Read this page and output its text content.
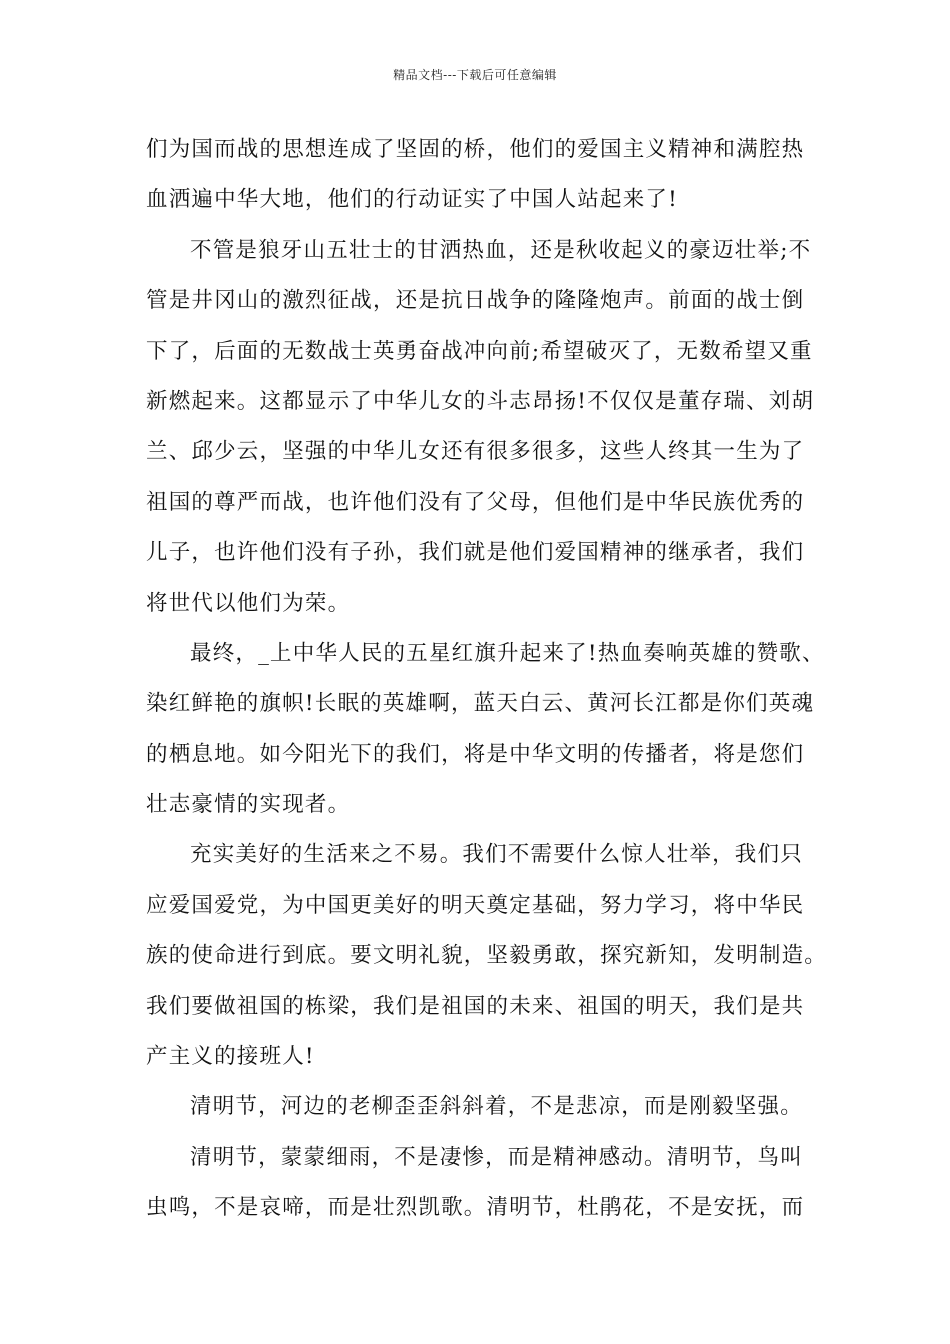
精品文档---下载后可任意编辑

们为国而战的思想连成了坚固的桥，他们的爱国主义精神和满腔热
血洒遍中华大地，他们的行动证实了中国人站起来了!

不管是狼牙山五壮士的甘洒热血，还是秋收起义的豪迈壮举;不
管是井冈山的激烈征战，还是抗日战争的隆隆炮声。前面的战士倒
下了，后面的无数战士英勇奋战冲向前;希望破灭了，无数希望又重
新燃起来。这都显示了中华儿女的斗志昂扬!不仅仅是董存瑞、刘胡
兰、邱少云，坚强的中华儿女还有很多很多，这些人终其一生为了
祖国的尊严而战，也许他们没有了父母，但他们是中华民族优秀的
儿子，也许他们没有子孙，我们就是他们爱国精神的继承者，我们
将世代以他们为荣。

最终，_上中华人民的五星红旗升起来了!热血奏响英雄的赞歌、
染红鲜艳的旗帜!长眠的英雄啊，蓝天白云、黄河长江都是你们英魂
的栖息地。如今阳光下的我们，将是中华文明的传播者，将是您们
壮志豪情的实现者。

充实美好的生活来之不易。我们不需要什么惊人壮举，我们只
应爱国爱党，为中国更美好的明天奠定基础，努力学习，将中华民
族的使命进行到底。要文明礼貌，坚毅勇敢，探究新知，发明制造。
我们要做祖国的栋梁，我们是祖国的未来、祖国的明天，我们是共
产主义的接班人!

清明节，河边的老柳歪歪斜斜着，不是悲凉，而是刚毅坚强。

清明节，蒙蒙细雨，不是凄惨，而是精神感动。清明节，鸟叫
虫鸣，不是哀啼，而是壮烈凯歌。清明节，杜鹃花，不是安抚，而
